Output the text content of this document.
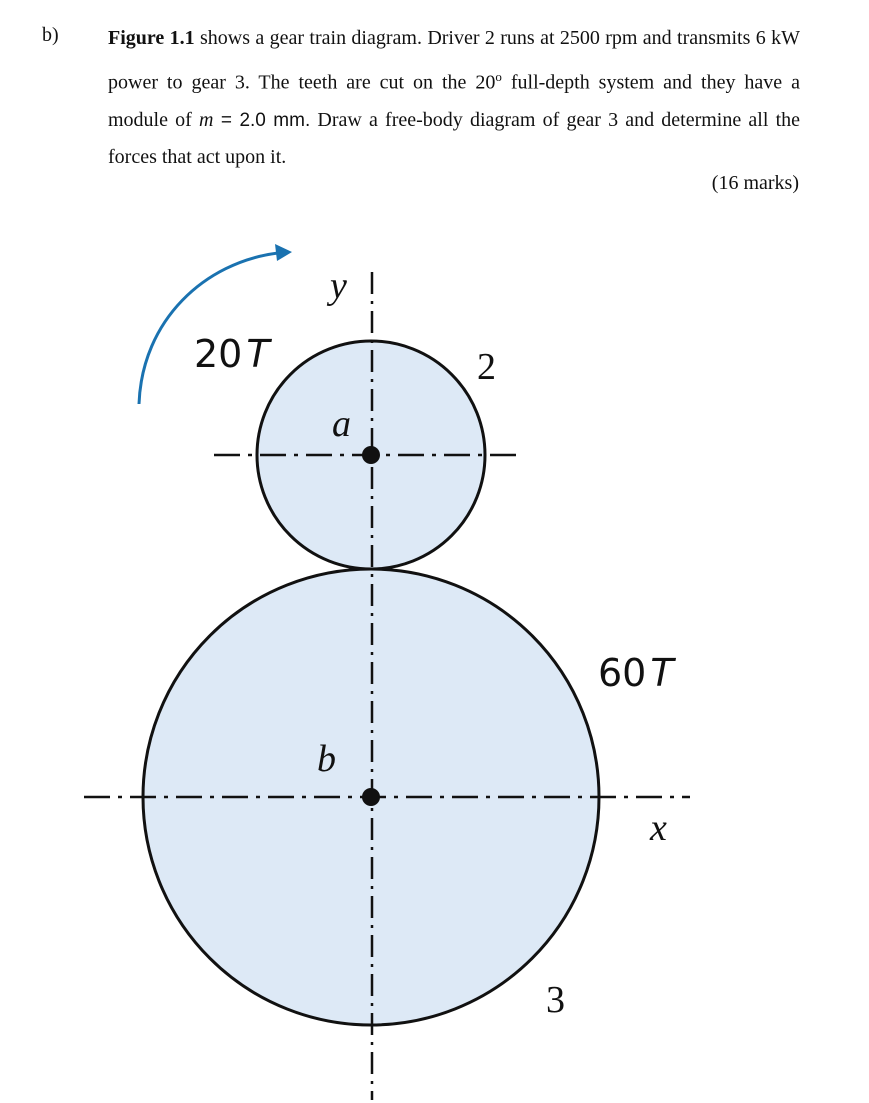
b) Figure 1.1 shows a gear train diagram. Driver 2 runs at 2500 rpm and transmits 6 kW power to gear 3. The teeth are cut on the 20$^o$ full-depth system and they have a module of m = 2.0 mm. Draw a free-body diagram of gear 3 and determine all the forces that act upon it.
(16 marks)
y
20 T	2
a
60 T
b
x
3
